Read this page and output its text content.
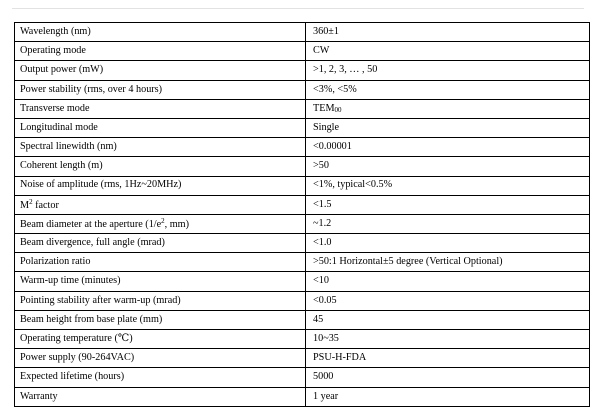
Wavelength (nm)	360±1
Operating mode	CW
Output power (mW)	>1, 2, 3, … , 50
Power stability (rms, over 4 hours)	<3%, <5%
Transverse mode	TEM00
Longitudinal mode	Single
Spectral linewidth (nm)	<0.00001
Coherent length (m)	>50
Noise of amplitude (rms, 1Hz~20MHz)	<1%, typical<0.5%
$M^2$ factor	<1.5
Beam diameter at the aperture ($1/e^2$, mm)	~1.2
Beam divergence, full angle (mrad)	<1.0
Polarization ratio	>50:1 Horizontal±5 degree (Vertical Optional)
Warm-up time (minutes)	<10
Pointing stability after warm-up (mrad)	<0.05
Beam height from base plate (mm)	45
Operating temperature (℃)	10~35
Power supply (90-264VAC)	PSU-H-FDA
Expected lifetime (hours)	5000
Warranty	1 year
